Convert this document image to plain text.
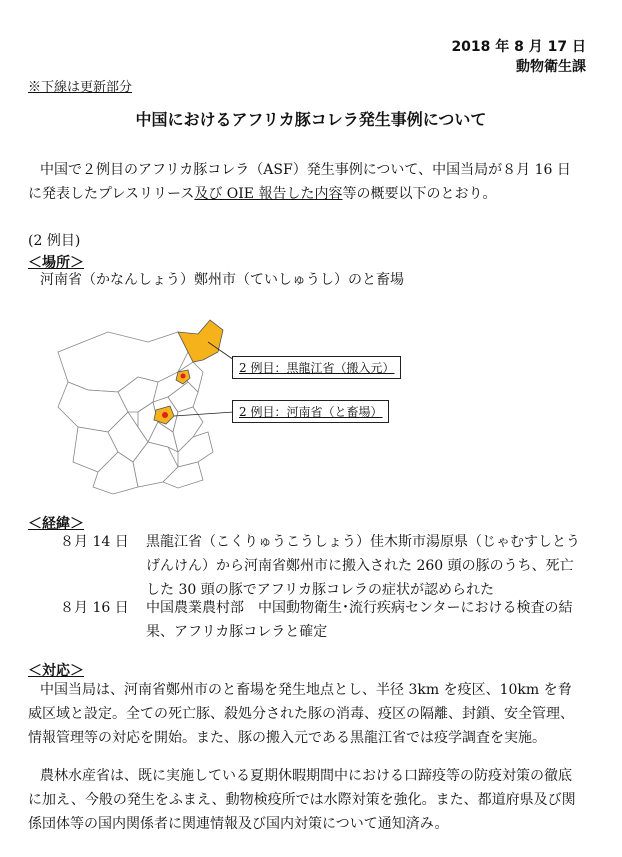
2018 年 8 月 17 日
動物衛生課
※下線は更新部分
中国におけるアフリカ豚コレラ発生事例について
中国で２例目のアフリカ豚コレラ（ASF）発生事例について、中国当局が８月 16 日
に発表したプレスリリース及び OIE 報告した内容等の概要以下のとおり。
(2 例目)
＜場所＞
河南省（かなんしょう）鄭州市（ていしゅうし）のと畜場
2 例目：黒龍江省（搬入元）
2 例目：河南省（と畜場）
＜経緯＞
８月 14 日	黒龍江省（こくりゅうこうしょう）佳木斯市湯原県（じゃむすしとう
げんけん）から河南省鄭州市に搬入された 260 頭の豚のうち、死亡
した 30 頭の豚でアフリカ豚コレラの症状が認められた
８月 16 日	中国農業農村部　中国動物衛生･流行疾病センターにおける検査の結
果、アフリカ豚コレラと確定
＜対応＞
中国当局は、河南省鄭州市のと畜場を発生地点とし、半径 3km を疫区、10km を脅
威区域と設定。全ての死亡豚、殺処分された豚の消毒、疫区の隔離、封鎖、安全管理、
情報管理等の対応を開始。また、豚の搬入元である黒龍江省では疫学調査を実施。
農林水産省は、既に実施している夏期休暇期間中における口蹄疫等の防疫対策の徹底
に加え、今般の発生をふまえ、動物検疫所では水際対策を強化。また、都道府県及び関
係団体等の国内関係者に関連情報及び国内対策について通知済み。
